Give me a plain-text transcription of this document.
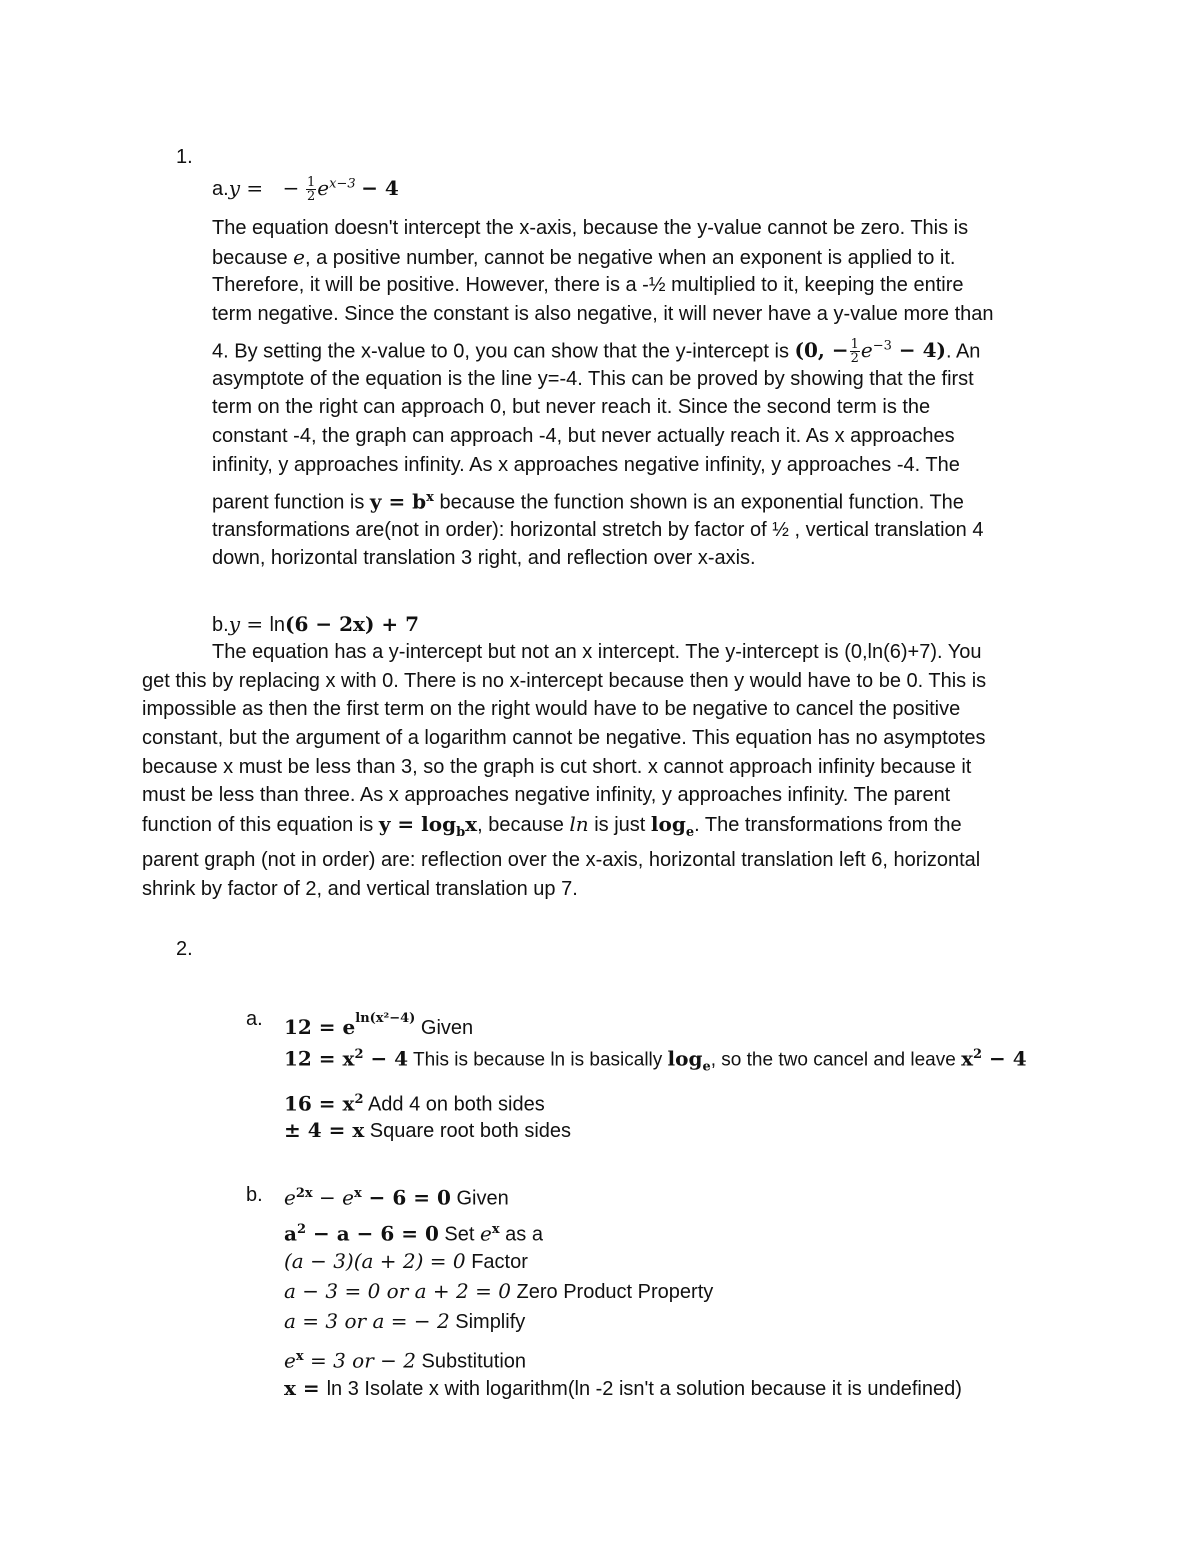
1.
a.y = − $\frac{1}{2} e^{x-3} - 4$
The equation doesn't intercept the x-axis, because the y-value cannot be zero. This is
because e, a positive number, cannot be negative when an exponent is applied to it.
Therefore, it will be positive. However, there is a -½ multiplied to it, keeping the entire
term negative. Since the constant is also negative, it will never have a y-value more than
4. By setting the x-value to 0, you can show that the y-intercept is (0, − $\frac{1}{2} e^{-3} - 4$). An
asymptote of the equation is the line y=-4. This can be proved by showing that the first
term on the right can approach 0, but never reach it. Since the second term is the
constant -4, the graph can approach -4, but never actually reach it. As x approaches
infinity, y approaches infinity. As x approaches negative infinity, y approaches -4. The
parent function is $y = b^x$ because the function shown is an exponential function. The
transformations are(not in order): horizontal stretch by factor of ½ , vertical translation 4
down, horizontal translation 3 right, and reflection over x-axis.
b.y = ln(6 − 2x) + 7
The equation has a y-intercept but not an x intercept. The y-intercept is (0,ln(6)+7). You
get this by replacing x with 0. There is no x-intercept because then y would have to be 0. This is
impossible as then the first term on the right would have to be negative to cancel the positive
constant, but the argument of a logarithm cannot be negative. This equation has no asymptotes
because x must be less than 3, so the graph is cut short. x cannot approach infinity because it
must be less than three. As x approaches negative infinity, y approaches infinity. The parent
function of this equation is $y = \log_bx$, because ln is just $\log_e$. The transformations from the
parent graph (not in order) are: reflection over the x-axis, horizontal translation left 6, horizontal
shrink by factor of 2, and vertical translation up 7.
2.
a. $12 = e^{ln(x^2-4)}$ Given
$12 = x^2 - 4$ This is because ln is basically $\log_e$, so the two cancel and leave $x^2 - 4$
$16 = x^2$ Add 4 on both sides
± 4 = x Square root both sides
b. $e^{2x} - e^x - 6 = 0$ Given
$a^2 - a - 6 = 0$ Set $e^x$ as a
(a − 3)(a + 2) = 0 Factor
a − 3 = 0 or a + 2 = 0 Zero Product Property
a = 3 or a = − 2 Simplify
$e^x = 3$ or − 2 Substitution
x = ln 3 Isolate x with logarithm(ln -2 isn't a solution because it is undefined)
